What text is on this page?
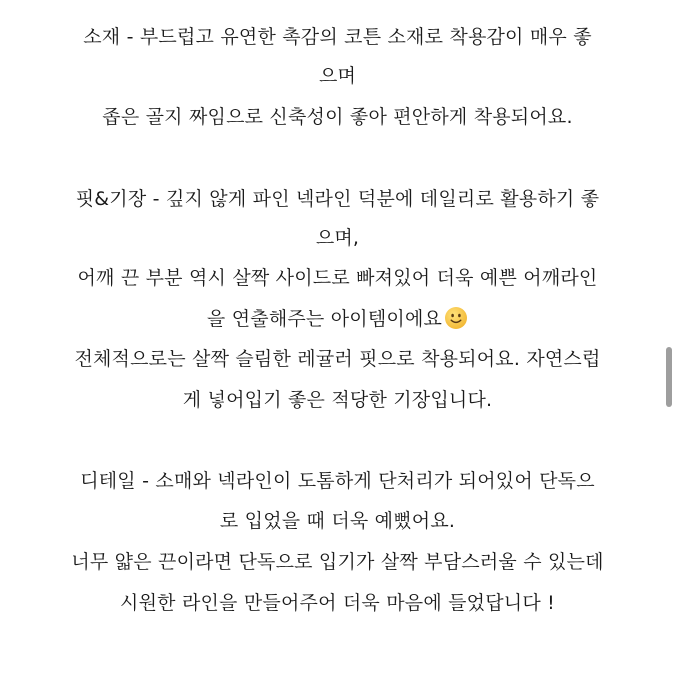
소재 - 부드럽고 유연한 촉감의 코튼 소재로 착용감이 매우 좋
으며
좁은 골지 짜임으로 신축성이 좋아 편안하게 착용되어요.
핏&기장 - 깊지 않게 파인 넥라인 덕분에 데일리로 활용하기 좋
으며,
어깨 끈 부분 역시 살짝 사이드로 빠져있어 더욱 예쁜 어깨라인
을 연출해주는 아이템이에요
전체적으로는 살짝 슬림한 레귤러 핏으로 착용되어요. 자연스럽
게 넣어입기 좋은 적당한 기장입니다.
디테일 - 소매와 넥라인이 도톰하게 단처리가 되어있어 단독으
로 입었을 때 더욱 예뻤어요.
너무 얇은 끈이라면 단독으로 입기가 살짝 부담스러울 수 있는데
시원한 라인을 만들어주어 더욱 마음에 들었답니다 !
